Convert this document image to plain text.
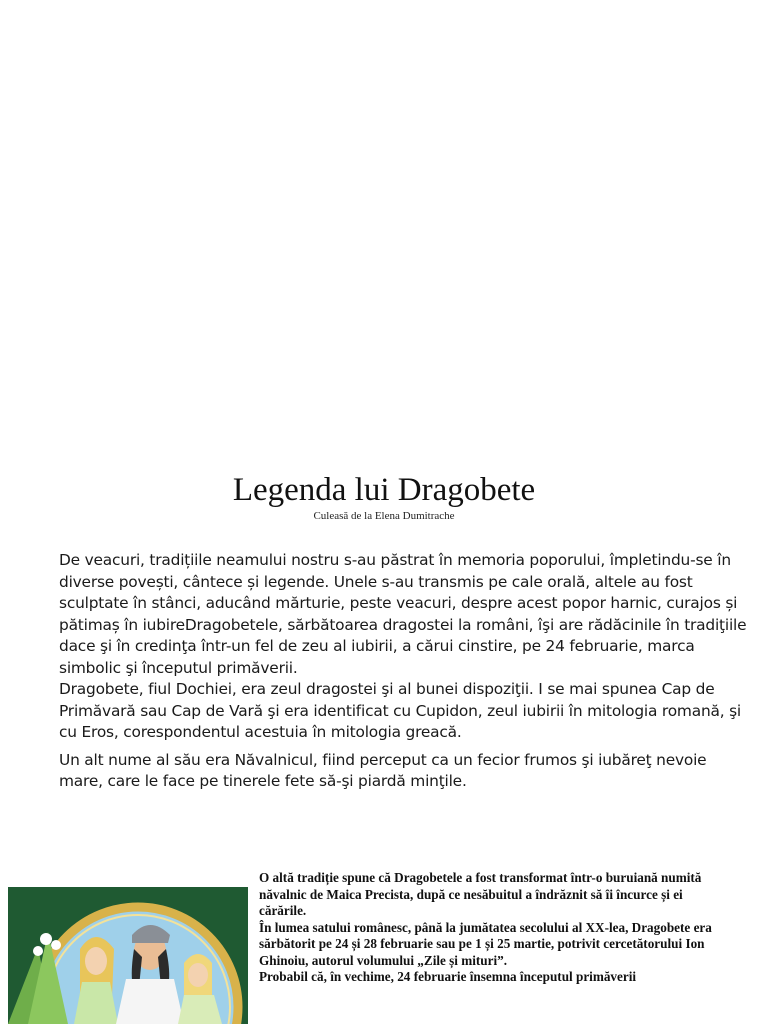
Legenda lui Dragobete
Culeasă de la Elena Dumitrache

De veacuri, tradițiile neamului nostru s-au păstrat în memoria poporului, împletindu-se în diverse povești, cântece și legende. Unele s-au transmis pe cale orală, altele au fost sculptate în stânci, aducând mărturie, peste veacuri, despre acest popor harnic, curajos și pătimaș în iubireDragobetele, sărbătoarea dragostei la români, îşi are rădăcinile în tradiţiile dace şi în credinţa într-un fel de zeu al iubirii, a cărui cinstire, pe 24 februarie, marca simbolic şi începutul primăverii.

Dragobete, fiul Dochiei, era zeul dragostei şi al bunei dispoziţii. I se mai spunea Cap de Primăvară sau Cap de Vară şi era identificat cu Cupidon, zeul iubirii în mitologia romană, şi cu Eros, corespondentul acestuia în mitologia greacă.

Un alt nume al său era Năvalnicul, fiind perceput ca un fecior frumos şi iubăreţ nevoie mare, care le face pe tinerele fete să-şi piardă minţile.

O altă tradiție spune că Dragobetele a fost transformat într-o buruiană numită năvalnic de Maica Precista, după ce nesăbuitul a îndrăznit să îi încurce și ei cărările.

În lumea satului românesc, până la jumătatea secolului al XX-lea, Dragobete era sărbătorit pe 24 și 28 februarie sau pe 1 și 25 martie, potrivit cercetătorului Ion Ghinoiu, autorul volumului „Zile și mituri”.

Probabil că, în vechime, 24 februarie însemna începutul primăverii
